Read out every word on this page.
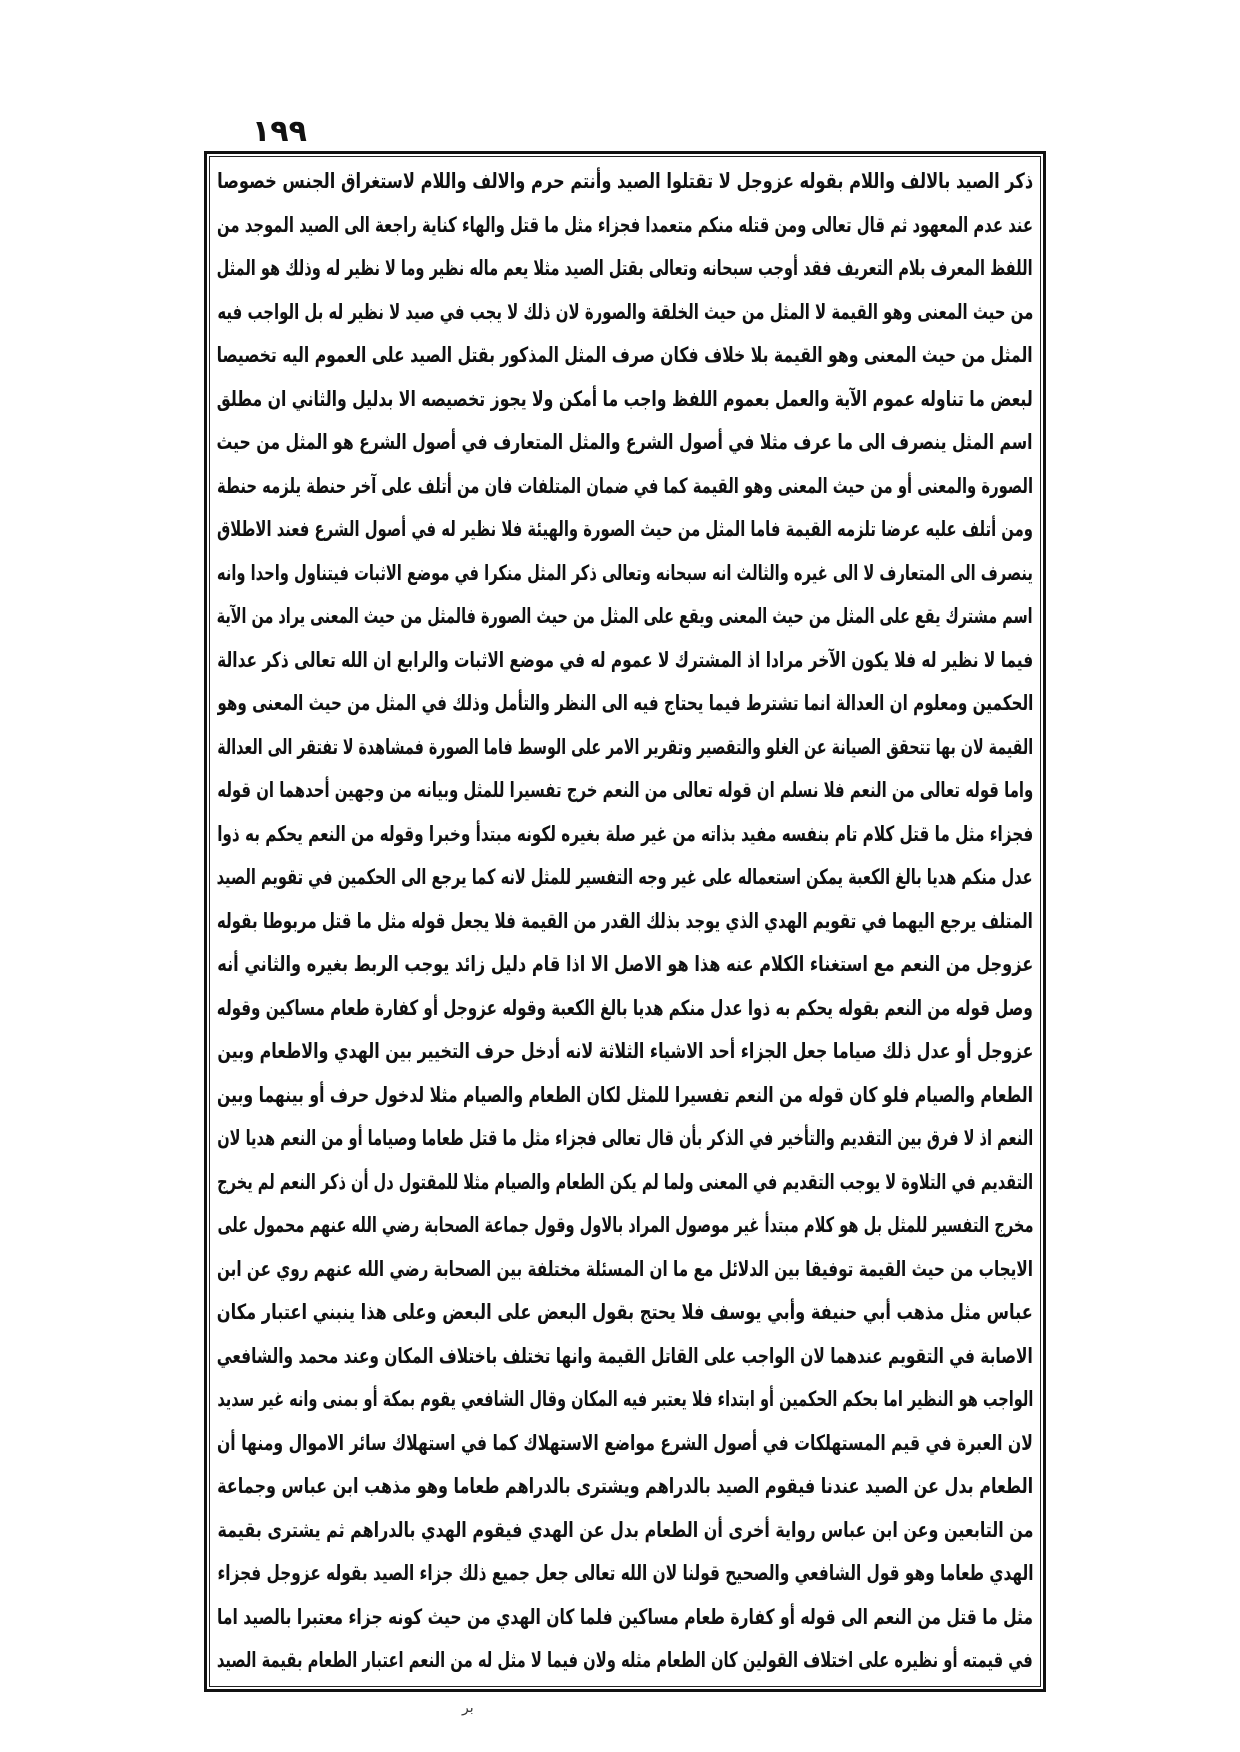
١٩٩
ذكر الصيد بالالف واللام بقوله عزوجل لا تقتلوا الصيد وأنتم حرم والالف واللام لاستغراق الجنس خصوصا
عند عدم المعهود ثم قال تعالى ومن قتله منكم متعمدا فجزاء مثل ما قتل والهاء كناية راجعة الى الصيد الموجد من
اللفظ المعرف بلام التعريف فقد أوجب سبحانه وتعالى بقتل الصيد مثلا يعم ماله نظير وما لا نظير له وذلك هو المثل
من حيث المعنى وهو القيمة لا المثل من حيث الخلقة والصورة لان ذلك لا يجب في صيد لا نظير له بل الواجب فيه
المثل من حيث المعنى وهو القيمة بلا خلاف فكان صرف المثل المذكور بقتل الصيد على العموم اليه تخصيصا
لبعض ما تناوله عموم الآية والعمل بعموم اللفظ واجب ما أمكن ولا يجوز تخصيصه الا بدليل والثاني ان مطلق
اسم المثل ينصرف الى ما عرف مثلا في أصول الشرع والمثل المتعارف في أصول الشرع هو المثل من حيث
الصورة والمعنى أو من حيث المعنى وهو القيمة كما في ضمان المتلفات فان من أتلف على آخر حنطة يلزمه حنطة
ومن أتلف عليه عرضا تلزمه القيمة فاما المثل من حيث الصورة والهيئة فلا نظير له في أصول الشرع فعند الاطلاق
ينصرف الى المتعارف لا الى غيره والثالث انه سبحانه وتعالى ذكر المثل منكرا في موضع الاثبات فيتناول واحدا وانه
اسم مشترك يقع على المثل من حيث المعنى ويقع على المثل من حيث الصورة فالمثل من حيث المعنى يراد من الآية
فيما لا نظير له فلا يكون الآخر مرادا اذ المشترك لا عموم له في موضع الاثبات والرابع ان الله تعالى ذكر عدالة
الحكمين ومعلوم ان العدالة انما تشترط فيما يحتاج فيه الى النظر والتأمل وذلك في المثل من حيث المعنى وهو
القيمة لان بها تتحقق الصيانة عن الغلو والتقصير وتقرير الامر على الوسط فاما الصورة فمشاهدة لا تفتقر الى العدالة
واما قوله تعالى من النعم فلا نسلم ان قوله تعالى من النعم خرج تفسيرا للمثل وبيانه من وجهين أحدهما ان قوله
فجزاء مثل ما قتل كلام تام بنفسه مفيد بذاته من غير صلة بغيره لكونه مبتدأ وخبرا وقوله من النعم يحكم به ذوا
عدل منكم هديا بالغ الكعبة يمكن استعماله على غير وجه التفسير للمثل لانه كما يرجع الى الحكمين في تقويم الصيد
المتلف يرجع اليهما في تقويم الهدي الذي يوجد بذلك القدر من القيمة فلا يجعل قوله مثل ما قتل مربوطا بقوله
عزوجل من النعم مع استغناء الكلام عنه هذا هو الاصل الا اذا قام دليل زائد يوجب الربط بغيره والثاني أنه
وصل قوله من النعم بقوله يحكم به ذوا عدل منكم هديا بالغ الكعبة وقوله عزوجل أو كفارة طعام مساكين وقوله
عزوجل أو عدل ذلك صياما جعل الجزاء أحد الاشياء الثلاثة لانه أدخل حرف التخيير بين الهدي والاطعام وبين
الطعام والصيام فلو كان قوله من النعم تفسيرا للمثل لكان الطعام والصيام مثلا لدخول حرف أو بينهما وبين
النعم اذ لا فرق بين التقديم والتأخير في الذكر بأن قال تعالى فجزاء مثل ما قتل طعاما وصياما أو من النعم هديا لان
التقديم في التلاوة لا يوجب التقديم في المعنى ولما لم يكن الطعام والصيام مثلا للمقتول دل أن ذكر النعم لم يخرج
مخرج التفسير للمثل بل هو كلام مبتدأ غير موصول المراد بالاول وقول جماعة الصحابة رضي الله عنهم محمول على
الايجاب من حيث القيمة توفيقا بين الدلائل مع ما ان المسئلة مختلفة بين الصحابة رضي الله عنهم روي عن ابن
عباس مثل مذهب أبي حنيفة وأبي يوسف فلا يحتج بقول البعض على البعض وعلى هذا ينبني اعتبار مكان
الاصابة في التقويم عندهما لان الواجب على القاتل القيمة وانها تختلف باختلاف المكان وعند محمد والشافعي
الواجب هو النظير اما بحكم الحكمين أو ابتداء فلا يعتبر فيه المكان وقال الشافعي يقوم بمكة أو بمنى وانه غير سديد
لان العبرة في قيم المستهلكات في أصول الشرع مواضع الاستهلاك كما في استهلاك سائر الاموال ومنها أن
الطعام بدل عن الصيد عندنا فيقوم الصيد بالدراهم ويشترى بالدراهم طعاما وهو مذهب ابن عباس وجماعة
من التابعين وعن ابن عباس رواية أخرى أن الطعام بدل عن الهدي فيقوم الهدي بالدراهم ثم يشترى بقيمة
الهدي طعاما وهو قول الشافعي والصحيح قولنا لان الله تعالى جعل جميع ذلك جزاء الصيد بقوله عزوجل فجزاء
مثل ما قتل من النعم الى قوله أو كفارة طعام مساكين فلما كان الهدي من حيث كونه جزاء معتبرا بالصيد اما
في قيمته أو نظيره على اختلاف القولين كان الطعام مثله ولان فيما لا مثل له من النعم اعتبار الطعام بقيمة الصيد
بر
